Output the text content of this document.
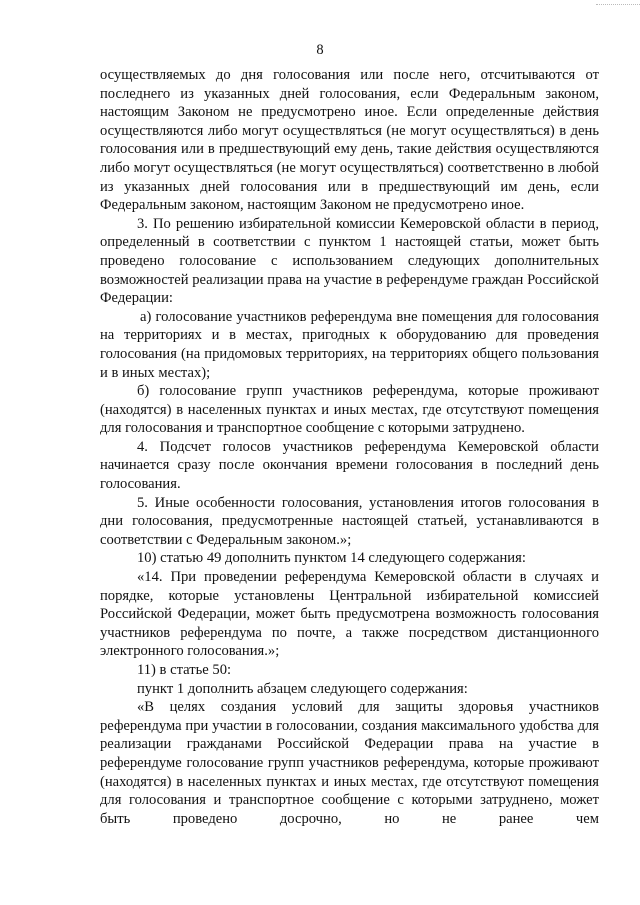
8

осуществляемых до дня голосования или после него, отсчитываются от последнего из указанных дней голосования, если Федеральным законом, настоящим Законом не предусмотрено иное. Если определенные действия осуществляются либо могут осуществляться (не могут осуществляться) в день голосования или в предшествующий ему день, такие действия осуществляются либо могут осуществляться (не могут осуществляться) соответственно в любой из указанных дней голосования или в предшествующий им день, если Федеральным законом, настоящим Законом не предусмотрено иное.

3. По решению избирательной комиссии Кемеровской области в период, определенный в соответствии с пунктом 1 настоящей статьи, может быть проведено голосование с использованием следующих дополнительных возможностей реализации права на участие в референдуме граждан Российской Федерации:

а) голосование участников референдума вне помещения для голосования на территориях и в местах, пригодных к оборудованию для проведения голосования (на придомовых территориях, на территориях общего пользования и в иных местах);

б) голосование групп участников референдума, которые проживают (находятся) в населенных пунктах и иных местах, где отсутствуют помещения для голосования и транспортное сообщение с которыми затруднено.

4. Подсчет голосов участников референдума Кемеровской области начинается сразу после окончания времени голосования в последний день голосования.

5. Иные особенности голосования, установления итогов голосования в дни голосования, предусмотренные настоящей статьей, устанавливаются в соответствии с Федеральным законом.»;

10) статью 49 дополнить пунктом 14 следующего содержания:

«14. При проведении референдума Кемеровской области в случаях и порядке, которые установлены Центральной избирательной комиссией Российской Федерации, может быть предусмотрена возможность голосования участников референдума по почте, а также посредством дистанционного электронного голосования.»;

11) в статье 50:

пункт 1 дополнить абзацем следующего содержания:

«В целях создания условий для защиты здоровья участников референдума при участии в голосовании, создания максимального удобства для реализации гражданами Российской Федерации права на участие в референдуме голосование групп участников референдума, которые проживают (находятся) в населенных пунктах и иных местах, где отсутствуют помещения для голосования и транспортное сообщение с которыми затруднено, может быть проведено досрочно, но не ранее чем
